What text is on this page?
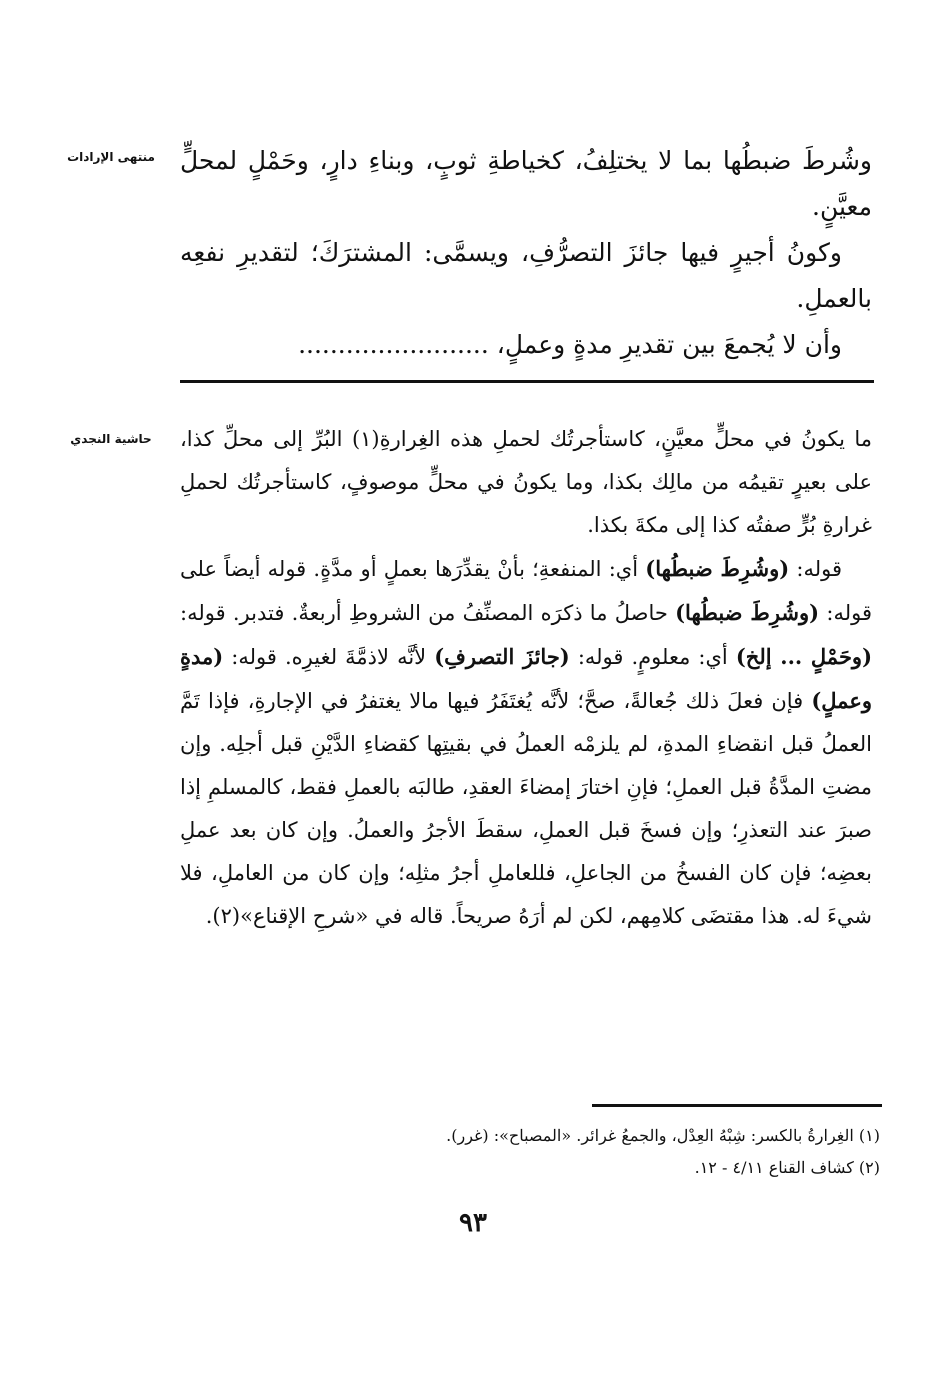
منتهى الإرادات	وشُرطَ ضبطُها بما لا يختلِفُ، كخياطةِ ثوبٍ، وبناءِ دارٍ، وحَمْلٍ لمحلٍّ معيَّنٍ.

وكونُ أجيرٍ فيها جائزَ التصرُّفِ، ويسمَّى: المشترَكَ؛ لتقديرِ نفعِه بالعملِ.

وأن لا يُجمعَ بين تقديرِ مدةٍ وعملٍ، ........................

حاشية النجدي	ما يكونُ في محلٍّ معيَّنٍ، كاستأجرتُك لحملِ هذه الغِرارةِ(١) البُرِّ إلى محلِّ كذا، على بعيرٍ تقيمُه من مالِك بكذا، وما يكونُ في محلٍّ موصوفٍ، كاستأجرتُك لحملِ غرارةِ بُرٍّ صفتُه كذا إلى مكةَ بكذا.

قوله: (وشُرِطَ ضبطُها) أي: المنفعةِ؛ بأنْ يقدِّرَها بعملٍ أو مدَّةٍ. قوله أيضاً على قوله: (وشُرِطَ ضبطُها) حاصلُ ما ذكرَه المصنِّفُ من الشروطِ أربعةٌ. فتدبر. قوله: (وحَمْلٍ ... إلخ) أي: معلومٍ. قوله: (جائزَ التصرفِ) لأنَّه لاذمَّةَ لغيرِه. قوله: (مدةٍ وعملٍ) فإن فعلَ ذلك جُعالةً، صحَّ؛ لأنَّه يُغتَفَرُ فيها مالا يغتفرُ في الإجارةِ، فإذا تَمَّ العملُ قبل انقضاءِ المدةِ، لم يلزمْه العملُ في بقيتِها كقضاءِ الدَّيْنِ قبل أجلِه. وإن مضتِ المدَّةُ قبل العملِ؛ فإنِ اختارَ إمضاءَ العقدِ، طالبَه بالعملِ فقط، كالمسلمِ إذا صبرَ عند التعذرِ؛ وإن فسخَ قبل العملِ، سقطَ الأجرُ والعملُ. وإن كان بعد عملِ بعضِه؛ فإن كان الفسخُ من الجاعلِ، فللعاملِ أجرُ مثلِه؛ وإن كان من العاملِ، فلا شيءَ له. هذا مقتضَى كلامِهم، لكن لم أرَهُ صريحاً. قاله في «شرحِ الإقناع»(٢).

(١) الغِرارةُ بالكسر: شِبْهُ العِدْل، والجمعُ غرائر. «المصباح»: (غرر).

(٢) كشاف القناع ٤/١١ - ١٢.

٩٣
